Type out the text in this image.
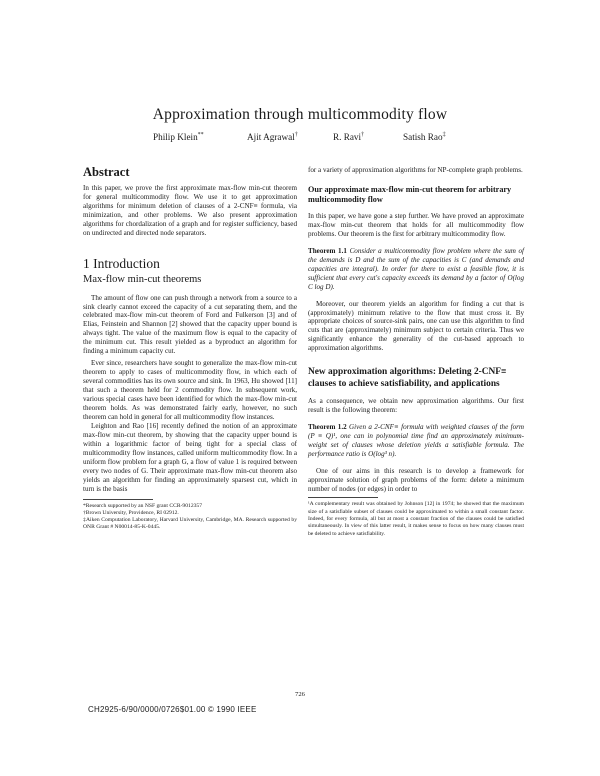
Approximation through multicommodity flow
Philip Klein**	Ajit Agrawal†	R. Ravi†	Satish Rao‡
Abstract

In this paper, we prove the first approximate max-flow min-cut theorem for general multicommodity flow. We use it to get approximation algorithms for minimum deletion of clauses of a 2-CNF≡ formula, via minimization, and other problems. We also present approximation algorithms for chordalization of a graph and for register sufficiency, based on undirected and directed node separators.

1 Introduction
Max-flow min-cut theorems

The amount of flow one can push through a network from a source to a sink clearly cannot exceed the capacity of a cut separating them, and the celebrated max-flow min-cut theorem of Ford and Fulkerson [3] and of Elias, Feinstein and Shannon [2] showed that the capacity upper bound is always tight. The value of the maximum flow is equal to the capacity of the minimum cut. This result yielded as a byproduct an algorithm for finding a minimum capacity cut.

Ever since, researchers have sought to generalize the max-flow min-cut theorem to apply to cases of multicommodity flow, in which each of several commodities has its own source and sink. In 1963, Hu showed [11] that such a theorem held for 2 commodity flow. In subsequent work, various special cases have been identified for which the max-flow min-cut theorem holds. As was demonstrated fairly early, however, no such theorem can hold in general for all multicommodity flow instances.

Leighton and Rao [16] recently defined the notion of an approximate max-flow min-cut theorem, by showing that the capacity upper bound is within a logarithmic factor of being tight for a special class of multicommodity flow instances, called uniform multicommodity flow. In a uniform flow problem for a graph G, a flow of value 1 is required between every two nodes of G. Their approximate max-flow min-cut theorem also yields an algorithm for finding an approximately sparsest cut, which in turn is the basis

*Research supported by an NSF grant CCR-9012357
†Brown University, Providence, RI 02912.
‡Aiken Computation Laboratory, Harvard University, Cambridge, MA. Research supported by ONR Grant # N00014-85-K-0445.

for a variety of approximation algorithms for NP-complete graph problems.

Our approximate max-flow min-cut theorem for arbitrary multicommodity flow

In this paper, we have gone a step further. We have proved an approximate max-flow min-cut theorem that holds for all multicommodity flow problems. Our theorem is the first for arbitrary multicommodity flow.

Theorem 1.1 Consider a multicommodity flow problem where the sum of the demands is D and the sum of the capacities is C (and demands and capacities are integral). In order for there to exist a feasible flow, it is sufficient that every cut's capacity exceeds its demand by a factor of O(log C log D).

Moreover, our theorem yields an algorithm for finding a cut that is (approximately) minimum relative to the flow that must cross it. By appropriate choices of source-sink pairs, one can use this algorithm to find cuts that are (approximately) minimum subject to certain criteria. Thus we significantly enhance the generality of the cut-based approach to approximation algorithms.

New approximation algorithms: Deleting 2-CNF≡ clauses to achieve satisfiability, and applications

As a consequence, we obtain new approximation algorithms. Our first result is the following theorem:

Theorem 1.2 Given a 2-CNF≡ formula with weighted clauses of the form (P ≡ Q)¹, one can in polynomial time find an approximately minimum-weight set of clauses whose deletion yields a satisfiable formula. The performance ratio is O(log³ n).

One of our aims in this research is to develop a framework for approximate solution of graph problems of the form: delete a minimum number of nodes (or edges) in order to

¹A complementary result was obtained by Johnson [12] in 1974; he showed that the maximum size of a satisfiable subset of clauses could be approximated to within a small constant factor. Indeed, for every formula, all but at most a constant fraction of the clauses could be satisfied simultaneously. In view of this latter result, it makes sense to focus on how many clauses must be deleted to achieve satisfiability.
726
CH2925-6/90/0000/0726$01.00 © 1990 IEEE
